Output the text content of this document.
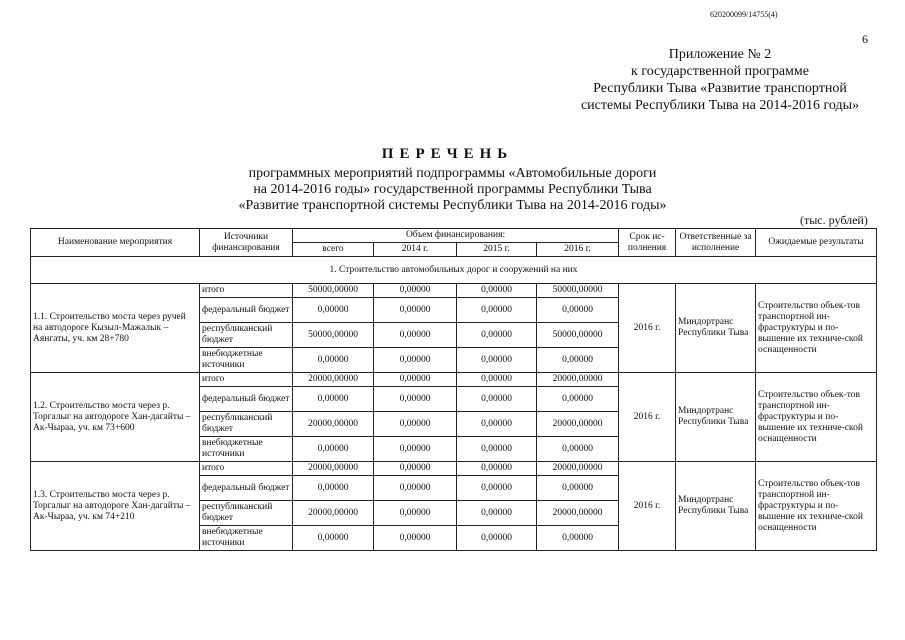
620200099/14755(4)
6
Приложение № 2
к государственной программе
Республики Тыва «Развитие транспортной
системы Республики Тыва на 2014-2016 годы»
ПЕРЕЧЕНЬ
программных мероприятий подпрограммы «Автомобильные дороги
на 2014-2016 годы» государственной программы Республики Тыва
«Развитие транспортной системы Республики Тыва на 2014-2016 годы»
(тыс. рублей)
Наименование мероприятия	Источники финансирования	Объем финансирования:				Срок ис-полнения	Ответственные за исполнение	Ожидаемые результаты
		всего	2014 г.	2015 г.	2016 г.			
1. Строительство автомобильных дорог и сооружений на них								
1.1. Строительство моста через ручей на автодороге Кызыл-Мажалык – Аянгаты, уч. км 28+780	итого	50000,00000	0,00000	0,00000	50000,00000	2016 г.	Миндортранс Республики Тыва	Строительство объек-тов транспортной ин-фраструктуры и по-вышение их техниче-ской оснащенности
	федеральный бюджет	0,00000	0,00000	0,00000	0,00000			
	республиканский бюджет	50000,00000	0,00000	0,00000	50000,00000			
	внебюджетные источники	0,00000	0,00000	0,00000	0,00000			
1.2. Строительство моста через р. Торгалыг на автодороге Хан-дагайты – Ак-Чыраа, уч. км 73+600	итого	20000,00000	0,00000	0,00000	20000,00000	2016 г.	Миндортранс Республики Тыва	Строительство объек-тов транспортной ин-фраструктуры и по-вышение их техниче-ской оснащенности
	федеральный бюджет	0,00000	0,00000	0,00000	0,00000			
	республиканский бюджет	20000,00000	0,00000	0,00000	20000,00000			
	внебюджетные источники	0,00000	0,00000	0,00000	0,00000			
1.3. Строительство моста через р. Торгалыг на автодороге Хан-дагайты – Ак-Чыраа, уч. км 74+210	итого	20000,00000	0,00000	0,00000	20000,00000	2016 г.	Миндортранс Республики Тыва	Строительство объек-тов транспортной ин-фраструктуры и по-вышение их техниче-ской оснащенности
	федеральный бюджет	0,00000	0,00000	0,00000	0,00000			
	республиканский бюджет	20000,00000	0,00000	0,00000	20000,00000			
	внебюджетные источники	0,00000	0,00000	0,00000	0,00000			
